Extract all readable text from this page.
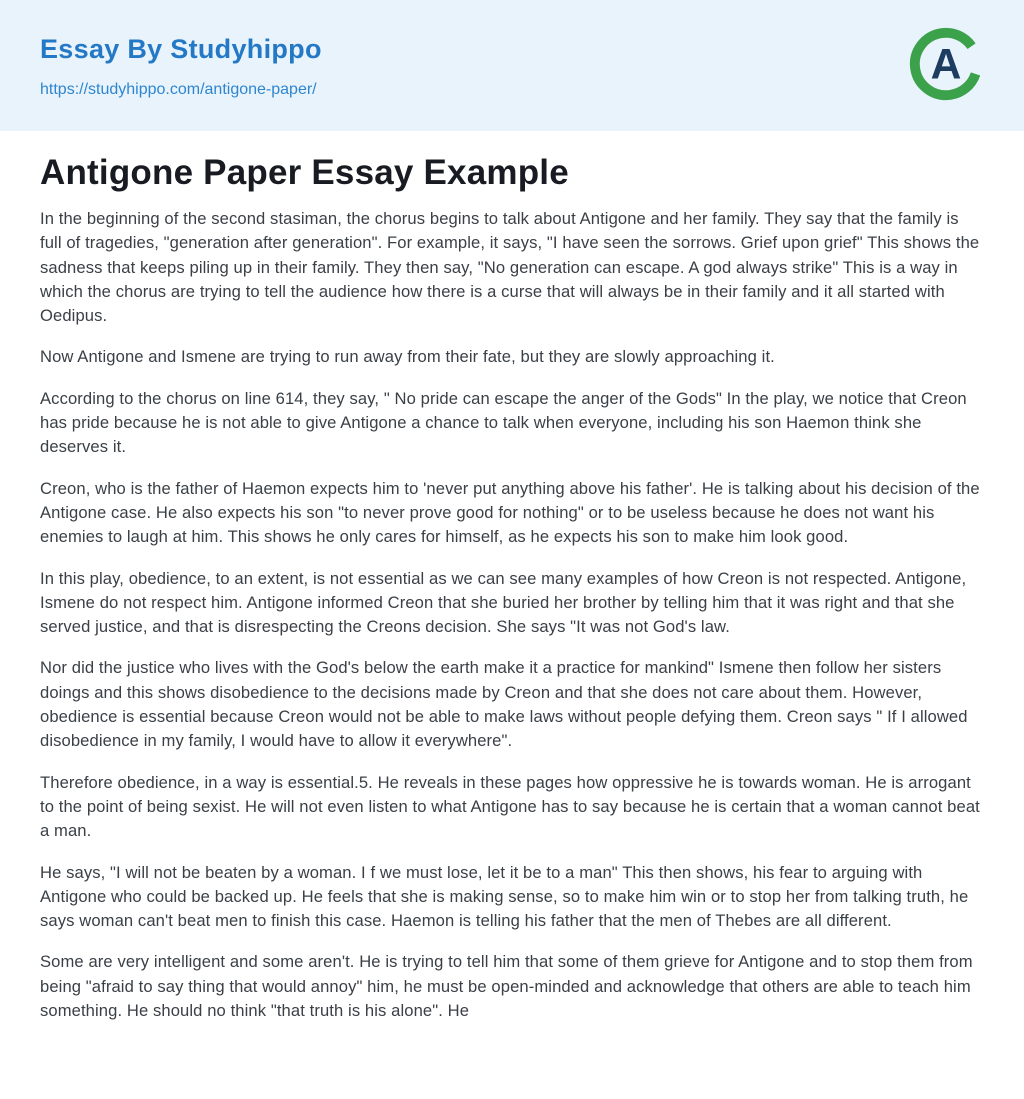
Essay By Studyhippo
https://studyhippo.com/antigone-paper/
A
Antigone Paper Essay Example

In the beginning of the second stasiman, the chorus begins to talk about Antigone and her family. They say that the family is full of tragedies, "generation after generation". For example, it says, "I have seen the sorrows. Grief upon grief" This shows the sadness that keeps piling up in their family. They then say, "No generation can escape. A god always strike" This is a way in which the chorus are trying to tell the audience how there is a curse that will always be in their family and it all started with Oedipus.

Now Antigone and Ismene are trying to run away from their fate, but they are slowly approaching it.

According to the chorus on line 614, they say, " No pride can escape the anger of the Gods" In the play, we notice that Creon has pride because he is not able to give Antigone a chance to talk when everyone, including his son Haemon think she deserves it.

Creon, who is the father of Haemon expects him to 'never put anything above his father'. He is talking about his decision of the Antigone case. He also expects his son "to never prove good for nothing" or to be useless because he does not want his enemies to laugh at him. This shows he only cares for himself, as he expects his son to make him look good.

In this play, obedience, to an extent, is not essential as we can see many examples of how Creon is not respected. Antigone, Ismene do not respect him. Antigone informed Creon that she buried her brother by telling him that it was right and that she served justice, and that is disrespecting the Creons decision. She says "It was not God's law.

Nor did the justice who lives with the God's below the earth make it a practice for mankind" Ismene then follow her sisters doings and this shows disobedience to the decisions made by Creon and that she does not care about them. However, obedience is essential because Creon would not be able to make laws without people defying them. Creon says " If I allowed disobedience in my family, I would have to allow it everywhere".

Therefore obedience, in a way is essential.5. He reveals in these pages how oppressive he is towards woman. He is arrogant to the point of being sexist. He will not even listen to what Antigone has to say because he is certain that a woman cannot beat a man.

He says, "I will not be beaten by a woman. I f we must lose, let it be to a man" This then shows, his fear to arguing with Antigone who could be backed up. He feels that she is making sense, so to make him win or to stop her from talking truth, he says woman can't beat men to finish this case. Haemon is telling his father that the men of Thebes are all different.

Some are very intelligent and some aren't. He is trying to tell him that some of them grieve for Antigone and to stop them from being "afraid to say thing that would annoy" him, he must be open-minded and acknowledge that others are able to teach him something. He should no think "that truth is his alone". He
